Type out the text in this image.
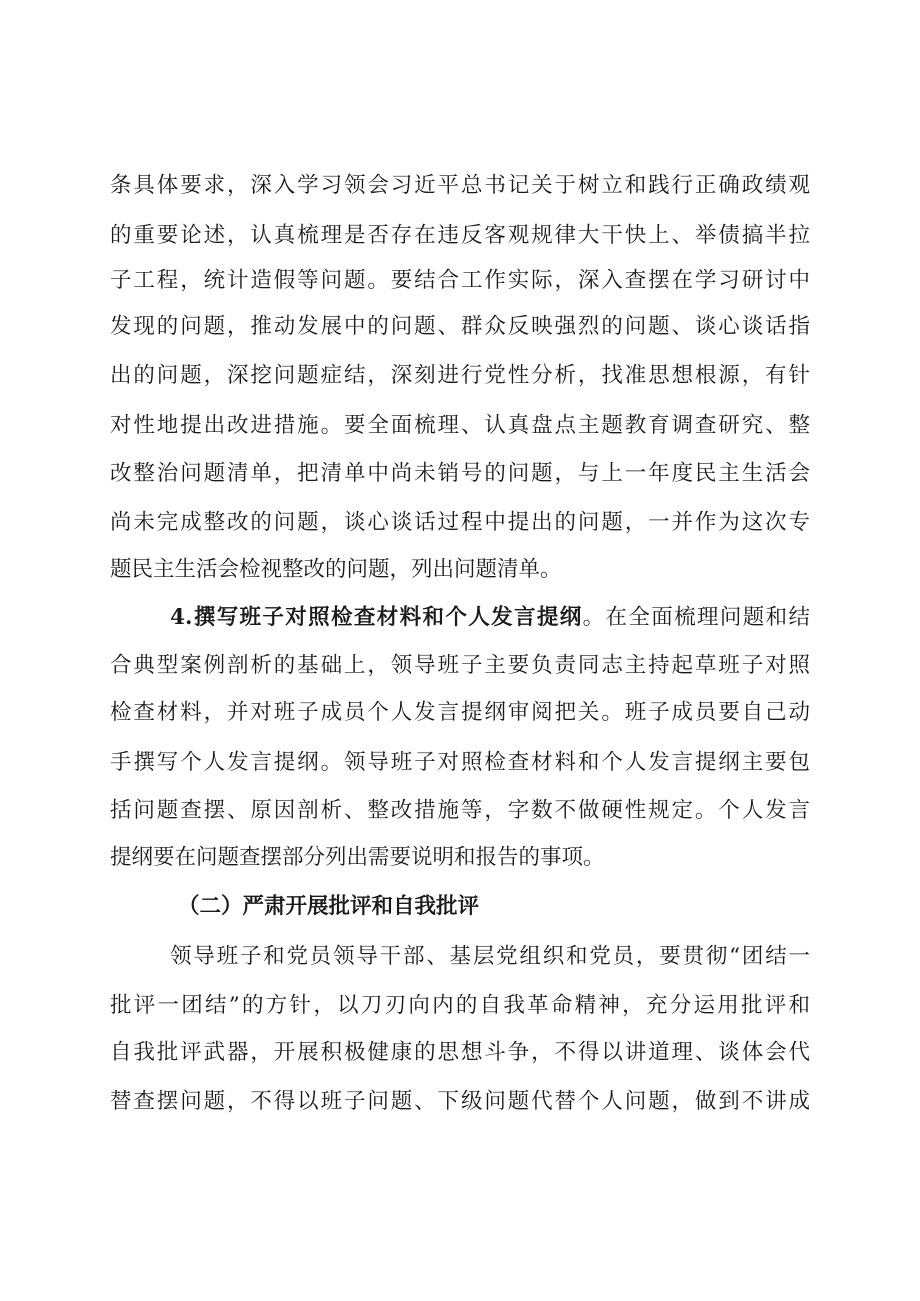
条具体要求，深入学习领会习近平总书记关于树立和践行正确政绩观

的重要论述，认真梳理是否存在违反客观规律大干快上、举债搞半拉

子工程，统计造假等问题。要结合工作实际，深入查摆在学习研讨中

发现的问题，推动发展中的问题、群众反映强烈的问题、谈心谈话指

出的问题，深挖问题症结，深刻进行党性分析，找准思想根源，有针

对性地提出改进措施。要全面梳理、认真盘点主题教育调查研究、整

改整治问题清单，把清单中尚未销号的问题，与上一年度民主生活会

尚未完成整改的问题，谈心谈话过程中提出的问题，一并作为这次专

题民主生活会检视整改的问题，列出问题清单。

4.撰写班子对照检查材料和个人发言提纲。在全面梳理问题和结

合典型案例剖析的基础上，领导班子主要负责同志主持起草班子对照

检查材料，并对班子成员个人发言提纲审阅把关。班子成员要自己动

手撰写个人发言提纲。领导班子对照检查材料和个人发言提纲主要包

括问题查摆、原因剖析、整改措施等，字数不做硬性规定。个人发言

提纲要在问题查摆部分列出需要说明和报告的事项。

（二）严肃开展批评和自我批评

领导班子和党员领导干部、基层党组织和党员，要贯彻“团结一

批评一团结”的方针，以刀刃向内的自我革命精神，充分运用批评和

自我批评武器，开展积极健康的思想斗争，不得以讲道理、谈体会代

替查摆问题，不得以班子问题、下级问题代替个人问题，做到不讲成
